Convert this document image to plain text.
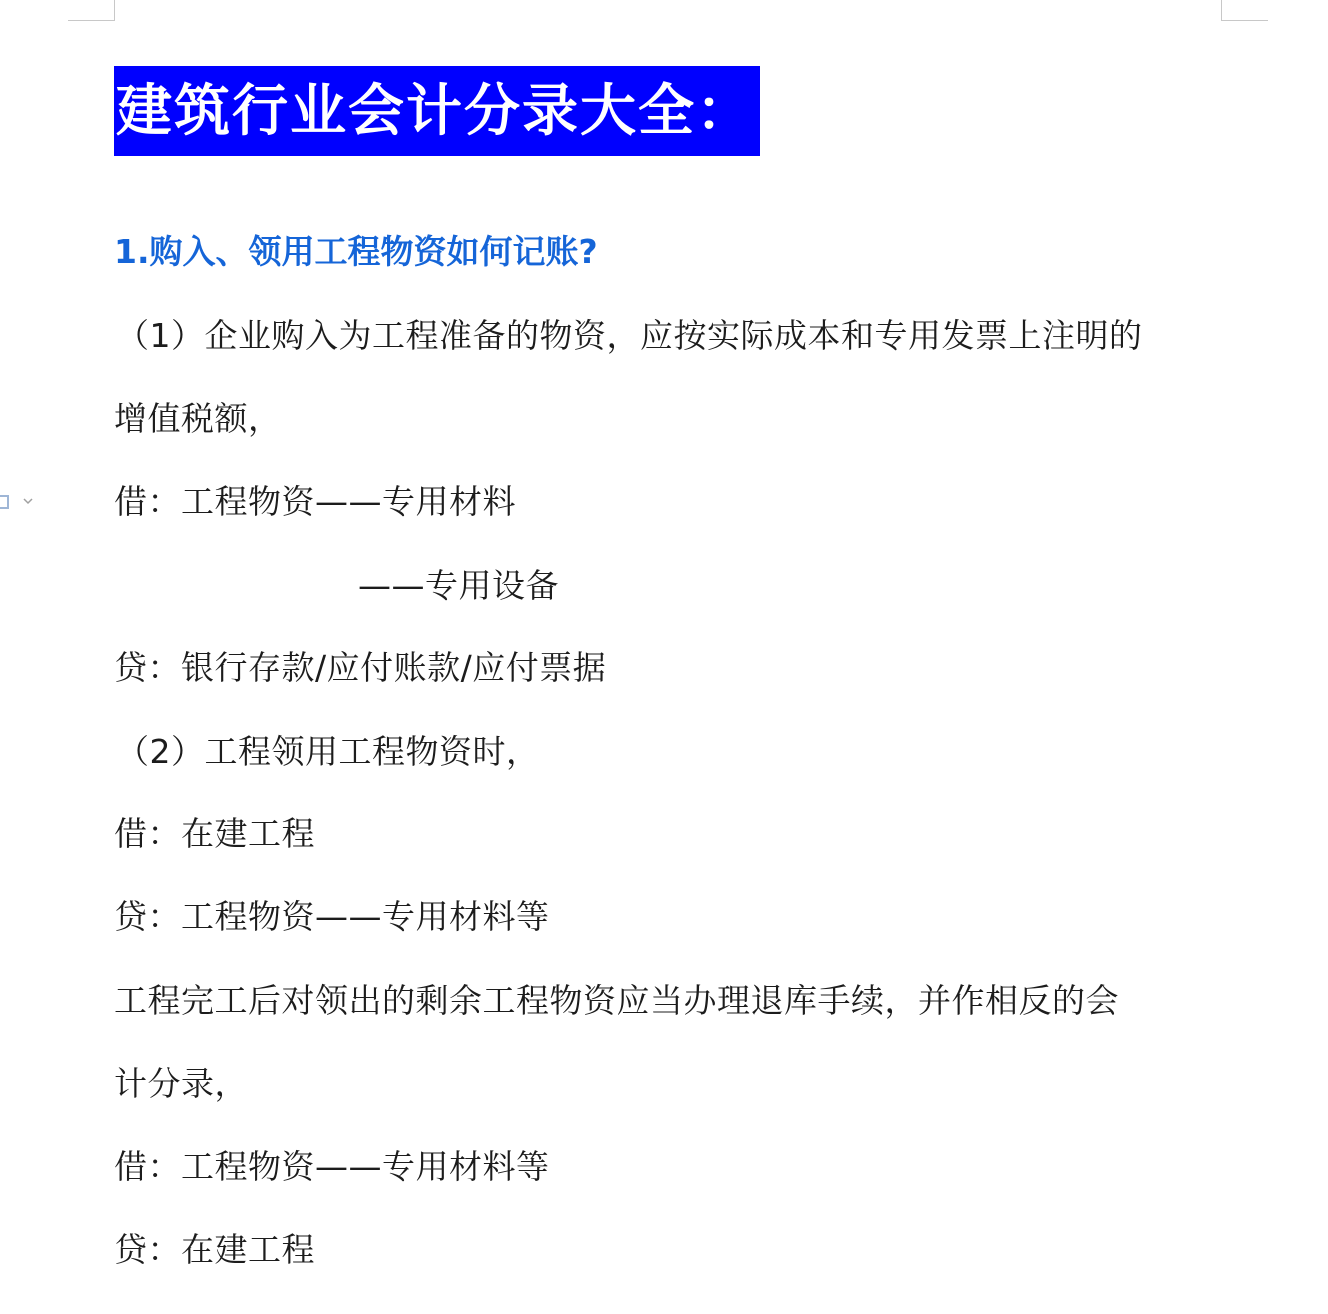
建筑行业会计分录大全：
1.购入、领用工程物资如何记账?
（1）企业购入为工程准备的物资，应按实际成本和专用发票上注明的
增值税额，
借：工程物资——专用材料
——专用设备
贷：银行存款/应付账款/应付票据
（2）工程领用工程物资时，
借：在建工程
贷：工程物资——专用材料等
工程完工后对领出的剩余工程物资应当办理退库手续，并作相反的会
计分录，
借：工程物资——专用材料等
贷：在建工程
